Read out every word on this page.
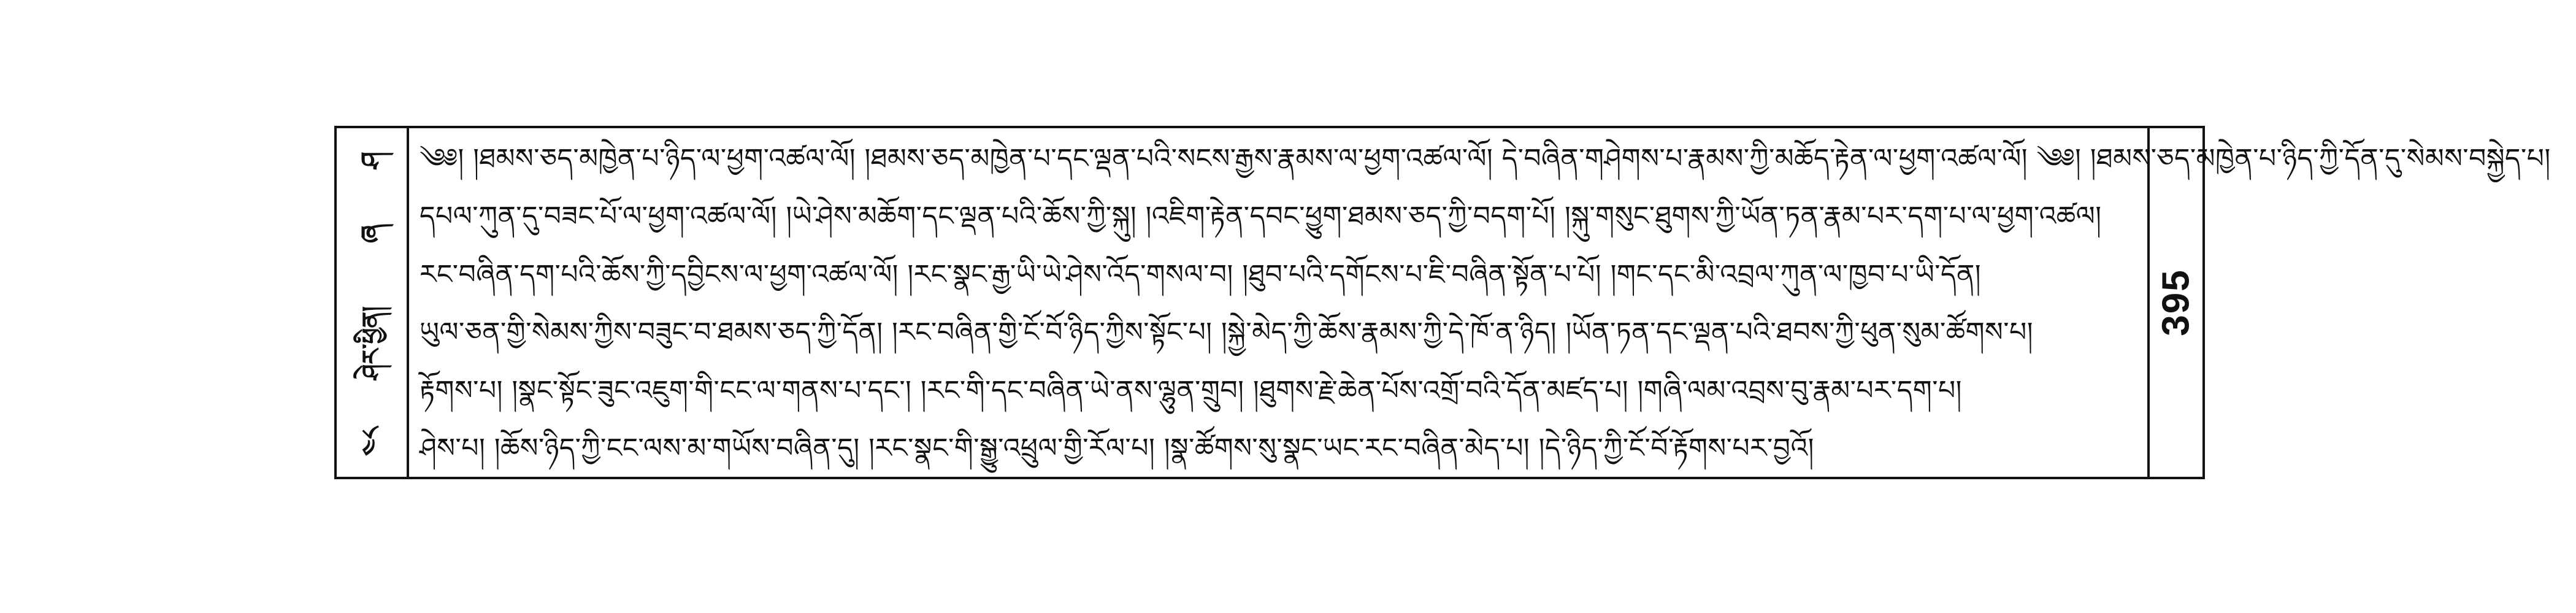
ཤ
ཞ
ཤེར་ཕྱིན།
༤༨
༄༅། །ཐམས་ཅད་མཁྱེན་པ་ཉིད་ལ་ཕྱག་འཚལ་ལོ། །ཐམས་ཅད་མཁྱེན་པ་དང་ལྡན་པའི་སངས་རྒྱས་རྣམས་ལ་ཕྱག་འཚལ་ལོ། དེ་བཞིན་གཤེགས་པ་རྣམས་ཀྱི་མཆོད་རྟེན་ལ་ཕྱག་འཚལ་ལོ། ༄༅། །ཐམས་ཅད་མཁྱེན་པ་ཉིད་ཀྱི་དོན་དུ་སེམས་བསྐྱེད་པ།
དཔལ་ཀུན་དུ་བཟང་པོ་ལ་ཕྱག་འཚལ་ལོ། །ཡེ་ཤེས་མཆོག་དང་ལྡན་པའི་ཆོས་ཀྱི་སྐུ། །འཇིག་རྟེན་དབང་ཕྱུག་ཐམས་ཅད་ཀྱི་བདག་པོ། །སྐུ་གསུང་ཐུགས་ཀྱི་ཡོན་ཏན་རྣམ་པར་དག་པ་ལ་ཕྱག་འཚལ།
རང་བཞིན་དག་པའི་ཆོས་ཀྱི་དབྱིངས་ལ་ཕྱག་འཚལ་ལོ། །རང་སྣང་རྒྱ་ཡི་ཡེ་ཤེས་འོད་གསལ་བ། །ཐུབ་པའི་དགོངས་པ་ཇི་བཞིན་སྟོན་པ་པོ། །གང་དང་མི་འབྲལ་ཀུན་ལ་ཁྱབ་པ་ཡི་དོན།
ཡུལ་ཅན་གྱི་སེམས་ཀྱིས་བཟུང་བ་ཐམས་ཅད་ཀྱི་དོན། །རང་བཞིན་གྱི་ངོ་བོ་ཉིད་ཀྱིས་སྟོང་པ། །སྐྱེ་མེད་ཀྱི་ཆོས་རྣམས་ཀྱི་དེ་ཁོ་ན་ཉིད། །ཡོན་ཏན་དང་ལྡན་པའི་ཐབས་ཀྱི་ཕུན་སུམ་ཚོགས་པ།
རྟོགས་པ། །སྣང་སྟོང་ཟུང་འཇུག་གི་ངང་ལ་གནས་པ་དང་། །རང་གི་དང་བཞིན་ཡེ་ནས་ལྷུན་གྲུབ། །ཐུགས་རྗེ་ཆེན་པོས་འགྲོ་བའི་དོན་མཛད་པ། །གཞི་ལམ་འབྲས་བུ་རྣམ་པར་དག་པ།
ཤེས་པ། །ཆོས་ཉིད་ཀྱི་ངང་ལས་མ་གཡོས་བཞིན་དུ། །རང་སྣང་གི་སྒྱུ་འཕྲུལ་གྱི་རོལ་པ། །སྣ་ཚོགས་སུ་སྣང་ཡང་རང་བཞིན་མེད་པ། །དེ་ཉིད་ཀྱི་ངོ་བོ་རྟོགས་པར་བྱའོ།
395
